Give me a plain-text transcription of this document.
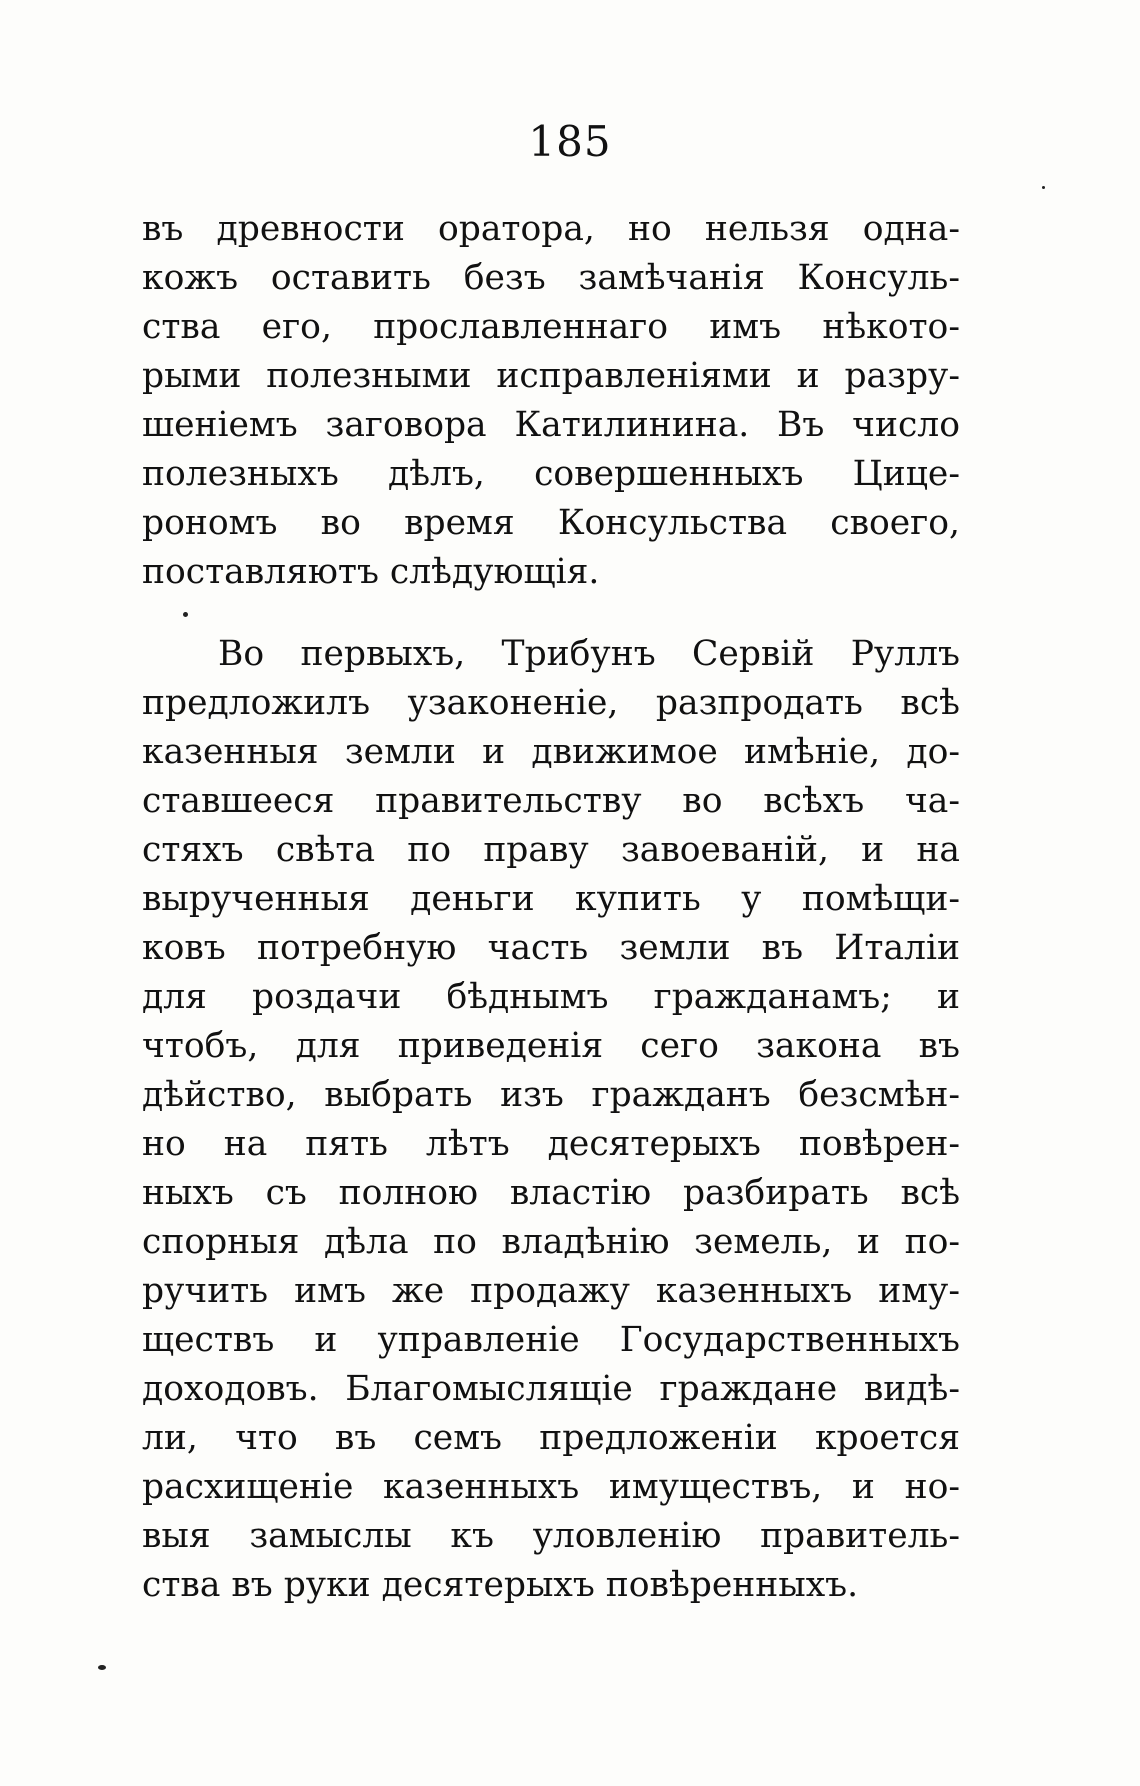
185
въ древности оратора, но нельзя одна-
кожъ оставить безъ замѣчанія Консуль-
ства его, прославленнаго имъ нѣкото-
рыми полезными исправленіями и разру-
шеніемъ заговора Катилинина. Въ число
полезныхъ дѣлъ, совершенныхъ Цице-
рономъ во время Консульства своего,
поставляютъ слѣдующія.
Во первыхъ, Трибунъ Сервій Руллъ
предложилъ узаконеніе, разпродать всѣ
казенныя земли и движимое имѣніе, до-
ставшееся правительству во всѣхъ ча-
стяхъ свѣта по праву завоеваній, и на
вырученныя деньги купить у помѣщи-
ковъ потребную часть земли въ Италіи
для роздачи бѣднымъ гражданамъ; и
чтобъ, для приведенія сего закона въ
дѣйство, выбрать изъ гражданъ безсмѣн-
но на пять лѣтъ десятерыхъ повѣрен-
ныхъ съ полною властію разбирать всѣ
спорныя дѣла по владѣнію земель, и по-
ручить имъ же продажу казенныхъ иму-
ществъ и управленіе Государственныхъ
доходовъ. Благомыслящіе граждане видѣ-
ли, что въ семъ предложеніи кроется
расхищеніе казенныхъ имуществъ, и но-
выя замыслы къ уловленію правитель-
ства въ руки десятерыхъ повѣренныхъ.
